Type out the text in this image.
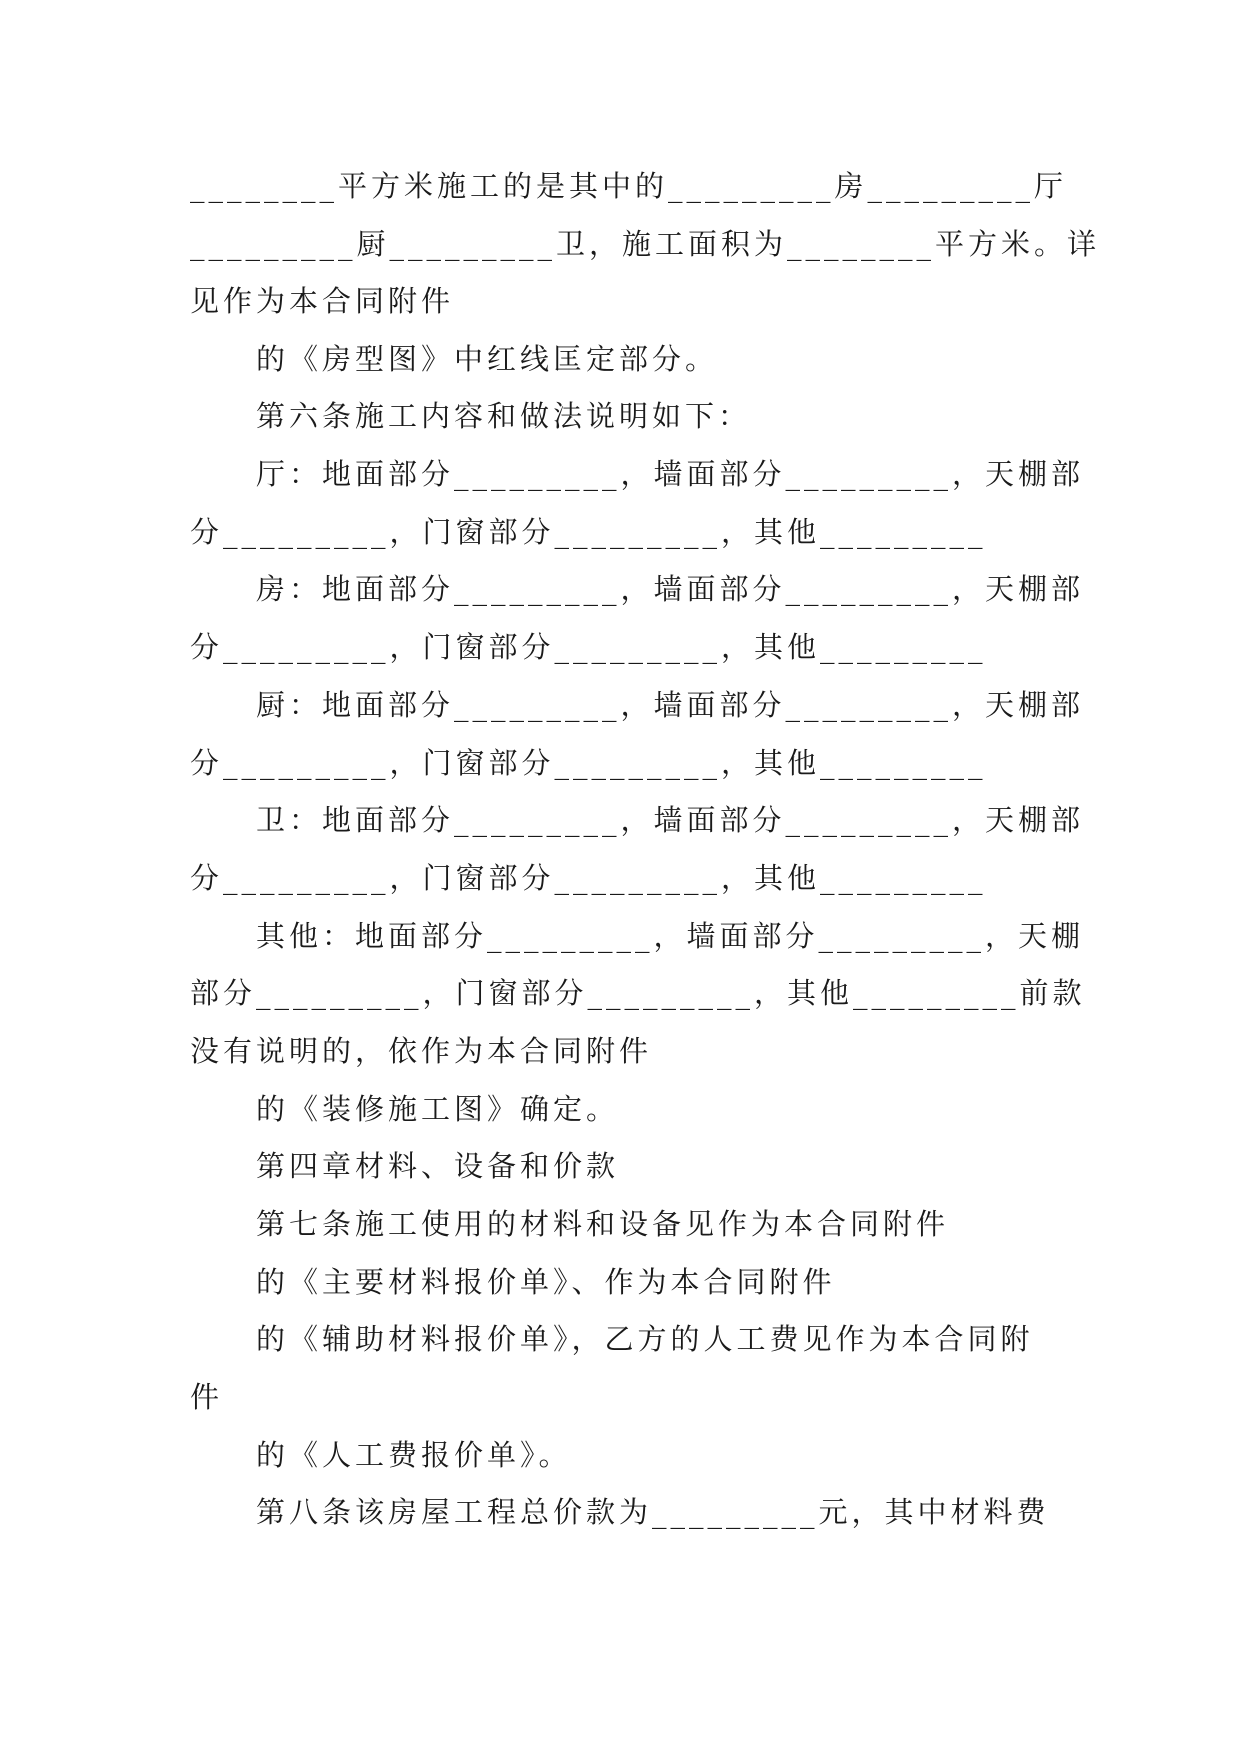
________平方米施工的是其中的_________房_________厅
_________厨_________卫，施工面积为________平方米。详
见作为本合同附件
的《房型图》中红线匡定部分。
第六条施工内容和做法说明如下：
厅：地面部分_________，墙面部分_________，天棚部
分_________，门窗部分_________，其他_________
房：地面部分_________，墙面部分_________，天棚部
分_________，门窗部分_________，其他_________
厨：地面部分_________，墙面部分_________，天棚部
分_________，门窗部分_________，其他_________
卫：地面部分_________，墙面部分_________，天棚部
分_________，门窗部分_________，其他_________
其他：地面部分_________，墙面部分_________，天棚
部分_________，门窗部分_________，其他_________前款
没有说明的，依作为本合同附件
的《装修施工图》确定。
第四章材料、设备和价款
第七条施工使用的材料和设备见作为本合同附件
的《主要材料报价单》、作为本合同附件
的《辅助材料报价单》，乙方的人工费见作为本合同附
件
的《人工费报价单》。
第八条该房屋工程总价款为_________元，其中材料费
